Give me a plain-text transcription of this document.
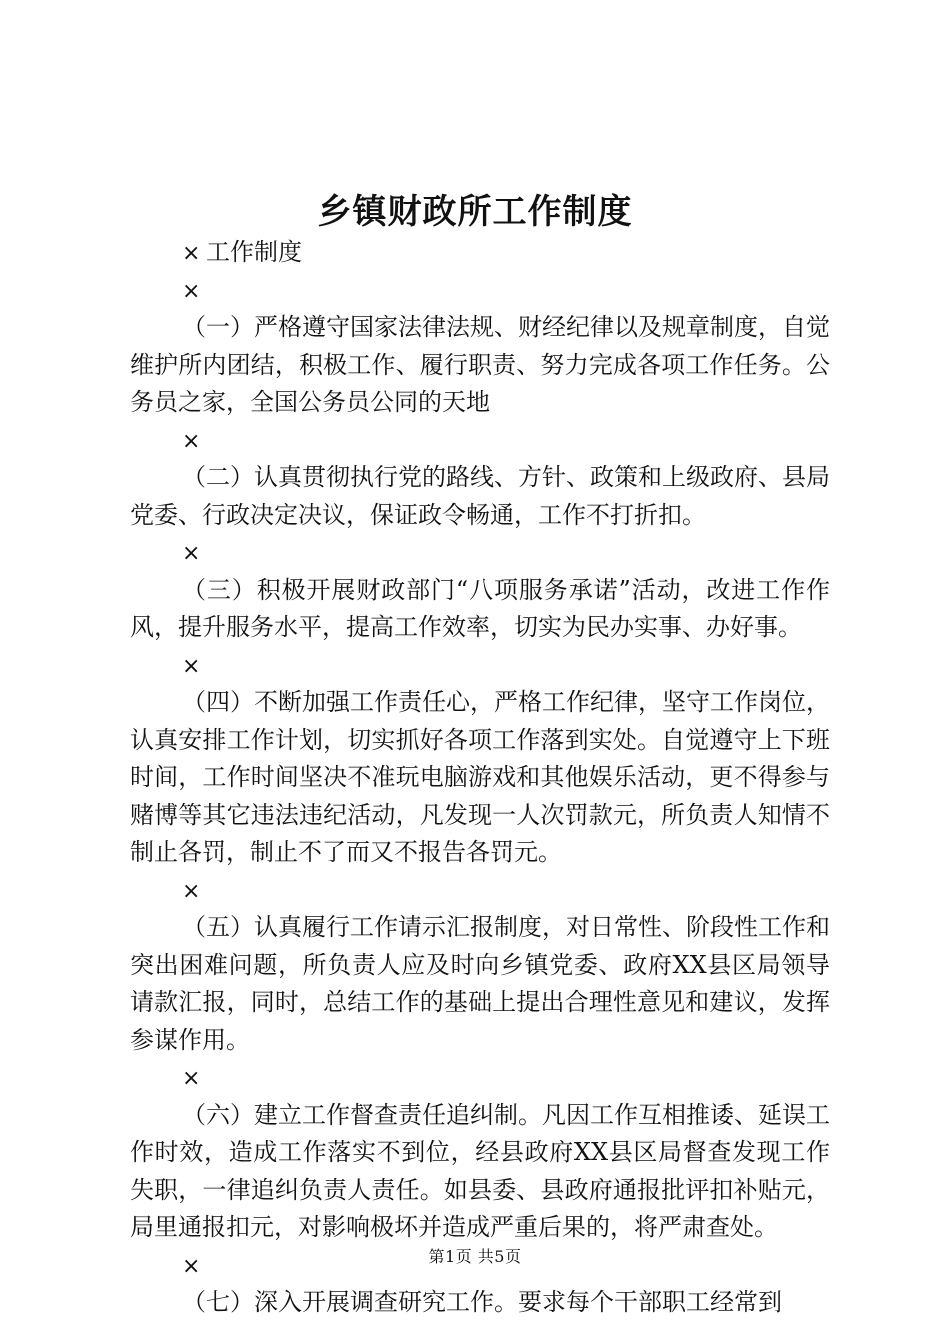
乡镇财政所工作制度

× 工作制度

×

（一）严格遵守国家法律法规、财经纪律以及规章制度，自觉维护所内团结，积极工作、履行职责、努力完成各项工作任务。公务员之家，全国公务员公同的天地

×

（二）认真贯彻执行党的路线、方针、政策和上级政府、县局党委、行政决定决议，保证政令畅通，工作不打折扣。

×

（三）积极开展财政部门“八项服务承诺”活动，改进工作作风，提升服务水平，提高工作效率，切实为民办实事、办好事。

×

（四）不断加强工作责任心，严格工作纪律，坚守工作岗位，认真安排工作计划，切实抓好各项工作落到实处。自觉遵守上下班时间，工作时间坚决不准玩电脑游戏和其他娱乐活动，更不得参与赌博等其它违法违纪活动，凡发现一人次罚款元，所负责人知情不制止各罚，制止不了而又不报告各罚元。

×

（五）认真履行工作请示汇报制度，对日常性、阶段性工作和突出困难问题，所负责人应及时向乡镇党委、政府XX县区局领导请款汇报，同时，总结工作的基础上提出合理性意见和建议，发挥参谋作用。

×

（六）建立工作督查责任追纠制。凡因工作互相推诿、延误工作时效，造成工作落实不到位，经县政府XX县区局督查发现工作失职，一律追纠负责人责任。如县委、县政府通报批评扣补贴元，局里通报扣元，对影响极坏并造成严重后果的，将严肃查处。

×

（七）深入开展调查研究工作。要求每个干部职工经常到

第1页 共5页
